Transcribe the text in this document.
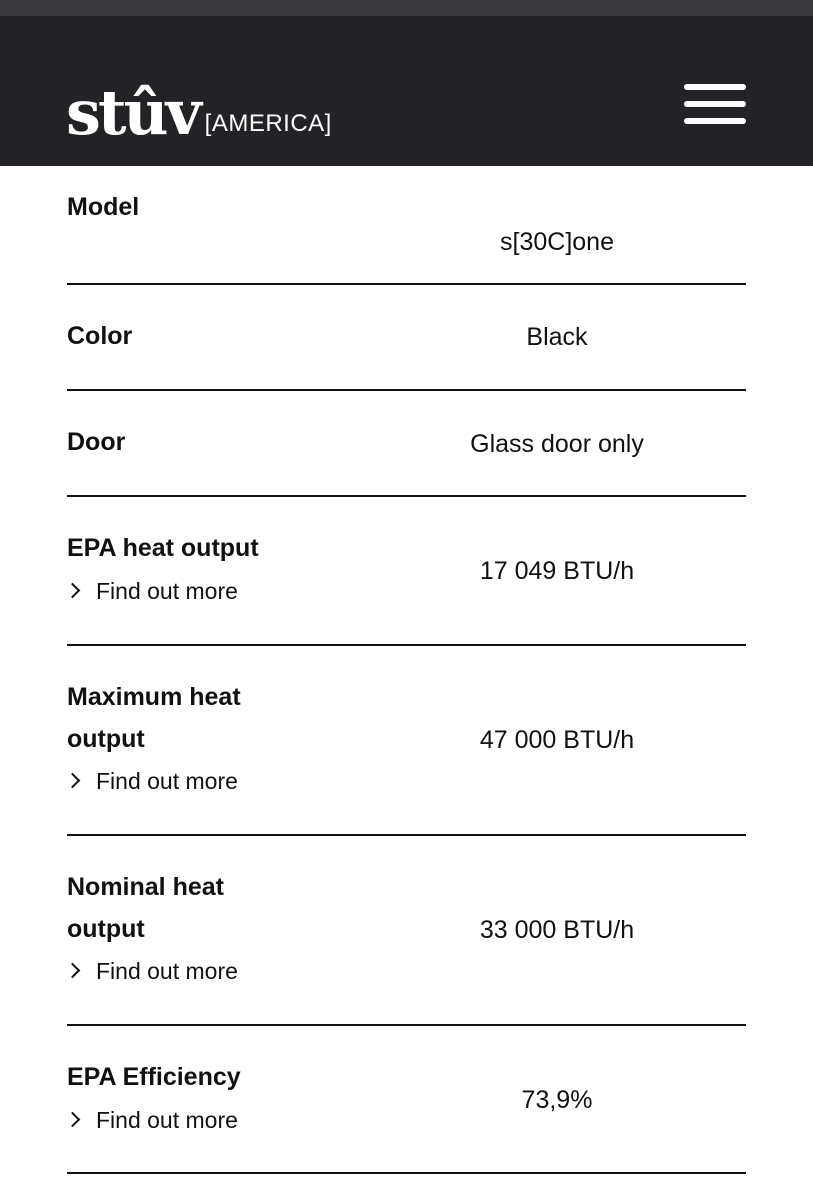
stûv [AMERICA]
Model
s[30C]one
Color	Black
Door	Glass door only
EPA heat output
Find out more
17 049 BTU/h
Maximum heat output
Find out more
47 000 BTU/h
Nominal heat output
Find out more
33 000 BTU/h
EPA Efficiency
Find out more
73,9%
